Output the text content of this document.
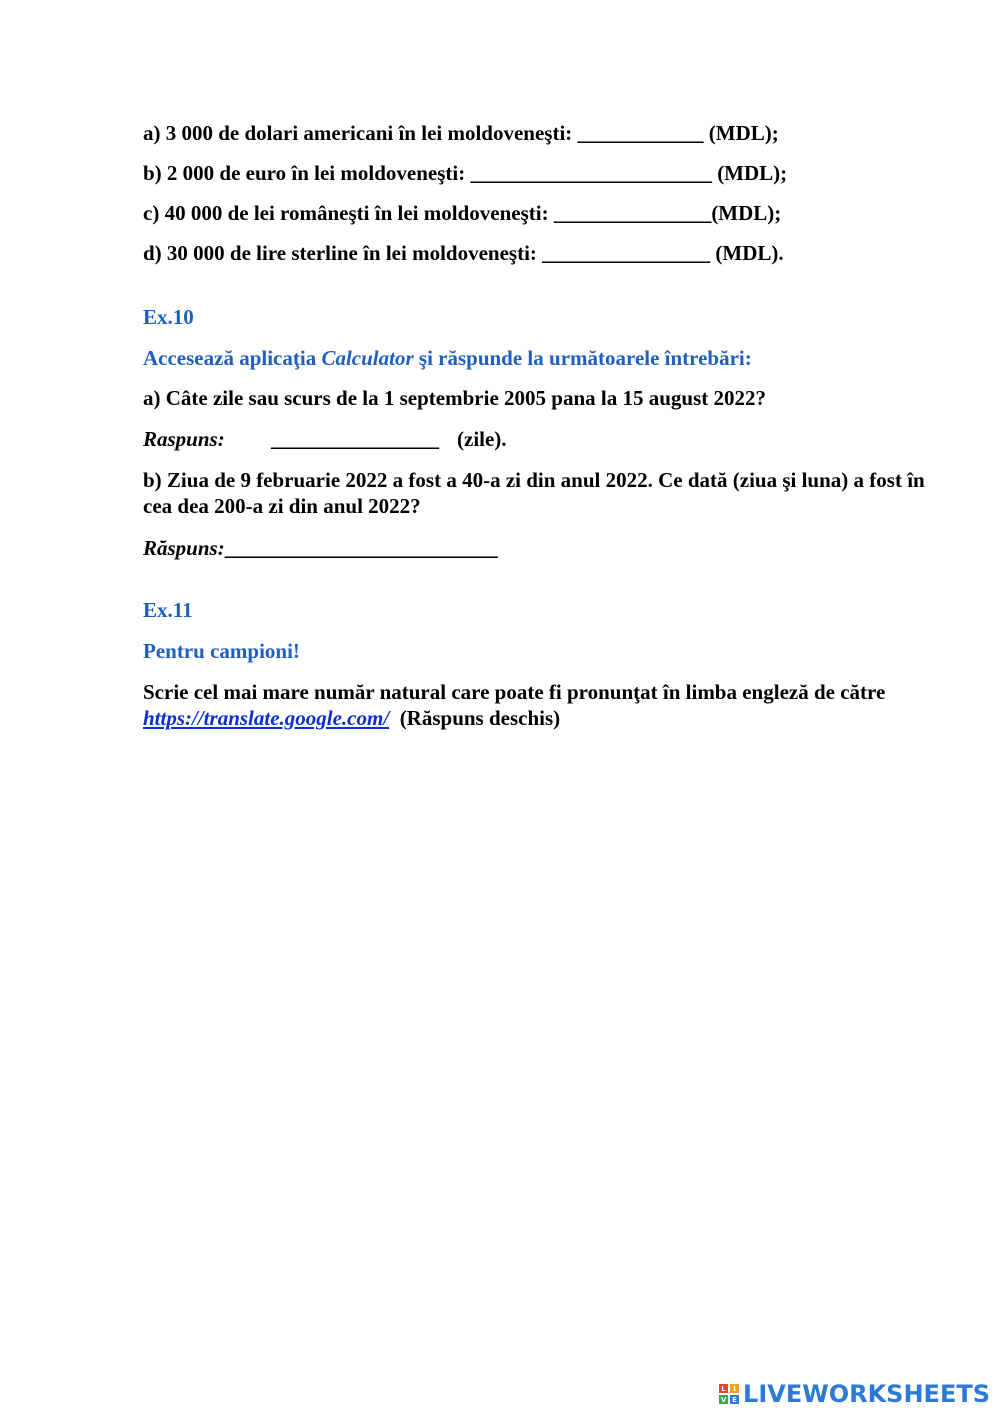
a) 3 000 de dolari americani în lei moldoveneşti: ____________ (MDL);
b) 2 000 de euro în lei moldoveneşti: _______________________ (MDL);
c) 40 000 de lei româneşti în lei moldoveneşti: _______________(MDL);
d) 30 000 de lire sterline în lei moldoveneşti: ________________ (MDL).
Ex.10
Accesează aplicaţia Calculator şi răspunde la următoarele întrebări:
a) Câte zile sau scurs de la 1 septembrie 2005 pana la 15 august 2022?
Raspuns: ________________ (zile).
b) Ziua de 9 februarie 2022 a fost a 40-a zi din anul 2022. Ce dată (ziua şi luna) a fost în cea dea 200-a zi din anul 2022?
Răspuns:__________________________
Ex.11
Pentru campioni!
Scrie cel mai mare număr natural care poate fi pronunţat în limba engleză de către https://translate.google.com/  (Răspuns deschis)
L	I
V E LIVEWORKSHEETS
